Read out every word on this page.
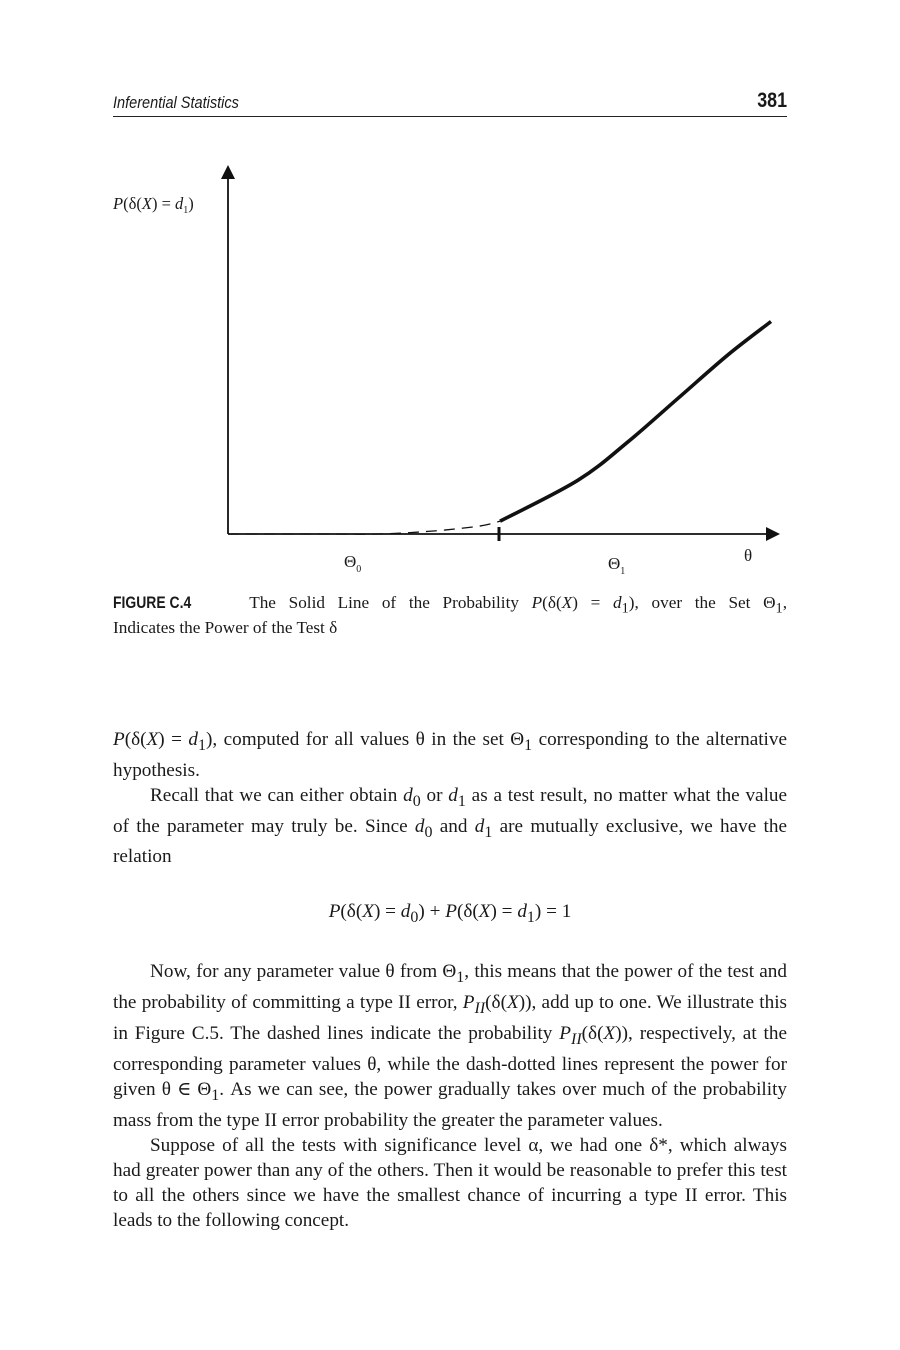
Inferential Statistics	381
$P(\delta(X) = d_1)$
θ
$\Theta_0$	$\Theta_1$
FIGURE C.4    The Solid Line of the Probability $P(\delta(X) = d_1)$, over the Set $\Theta_1$,
Indicates the Power of the Test δ

$P(\delta(X) = d_1)$, computed for all values θ in the set $\Theta_1$ corresponding to the alternative hypothesis.

Recall that we can either obtain $d_0$ or $d_1$ as a test result, no matter what the value of the parameter may truly be. Since $d_0$ and $d_1$ are mutually exclusive, we have the relation

$P(\delta(X) = d_0) + P(\delta(X) = d_1) = 1$

Now, for any parameter value θ from $\Theta_1$, this means that the power of the test and the probability of committing a type II error, $P_{II}(\delta(X))$, add up to one. We illustrate this in Figure C.5. The dashed lines indicate the probability $P_{II}(\delta(X))$, respectively, at the corresponding parameter values θ, while the dash-dotted lines represent the power for given θ ∈ $\Theta_1$. As we can see, the power gradually takes over much of the probability mass from the type II error probability the greater the parameter values.

Suppose of all the tests with significance level α, we had one δ*, which always had greater power than any of the others. Then it would be reasonable to prefer this test to all the others since we have the smallest chance of incurring a type II error. This leads to the following concept.
